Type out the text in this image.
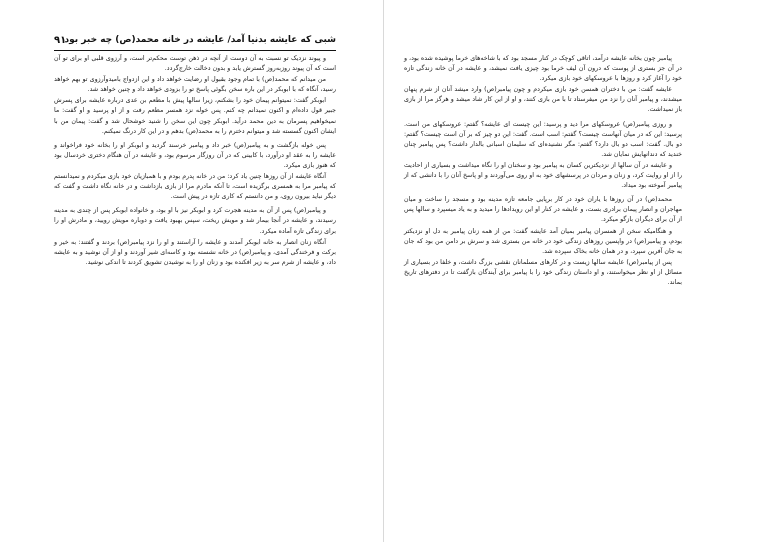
٩١
شبی که عایشه بدنیا آمد/ عایشه در خانه محمد(ص) چه خبر بود

و پیوند نزدیک تو نسبت به آن دوست از آنچه در ذهن توست محکم‌تر است، و آرزوی قلبی او برای تو آن است که آن پیوند روزبه‌روز گسترش یابد و بدون دخالت خارج‌گردد.

من میدانم که محمد(ص) با تمام وجود بقبول او رضایت خواهد داد و این ازدواج بامیدوآرزوی تو بهم خواهد رسید، آنگاه که با ابوبکر در این باره سخن بگوئی پاسخ تو را بزودی خواهد داد و چنین خواهد شد.

ابوبکر گفت: نمیتوانم پیمان خود را بشکنم، زیرا سالها پیش با مطعم بن عدی درباره عایشه برای پسرش جبیر قول داده‌ام و اکنون نمیدانم چه کنم. پس خوله نزد همسر مطعم رفت و از او پرسید و او گفت: ما نمیخواهیم پسرمان به دین محمد درآید. ابوبکر چون این سخن را شنید خوشحال شد و گفت: پیمان من با ایشان اکنون گسسته شد و میتوانم دخترم را به محمد(ص) بدهم و در این کار درنگ نمیکنم.

پس خوله بازگشت و به پیامبر(ص) خبر داد و پیامبر خرسند گردید و ابوبکر او را بخانه خود فراخواند و عایشه را به عقد او درآورد، با کابینی که در آن روزگار مرسوم بود، و عایشه در آن هنگام دختری خردسال بود که هنوز بازی میکرد.

آنگاه عایشه از آن روزها چنین یاد کرد: من در خانه پدرم بودم و با همبازیان خود بازی میکردم و نمیدانستم که پیامبر مرا به همسری برگزیده است، تا آنکه مادرم مرا از بازی بازداشت و در خانه نگاه داشت و گفت که دیگر نباید بیرون روی، و من دانستم که کاری تازه در پیش است.

و پیامبر(ص) پس از آن به مدینه هجرت کرد و ابوبکر نیز با او بود، و خانواده ابوبکر پس از چندی به مدینه رسیدند، و عایشه در آنجا بیمار شد و مویش ریخت، سپس بهبود یافت و دوباره مویش رویید، و مادرش او را برای زندگی تازه آماده میکرد.

آنگاه زنان انصار به خانه ابوبکر آمدند و عایشه را آراستند و او را نزد پیامبر(ص) بردند و گفتند: به خیر و برکت و فرخندگی آمدی، و پیامبر(ص) در خانه نشسته بود و کاسه‌ای شیر آوردند و او از آن نوشید و به عایشه داد، و عایشه از شرم سر به زیر افکنده بود و زنان او را به نوشیدن تشویق کردند تا اندکی نوشید.

پیامبر چون بخانه عایشه درآمد، اتاقی کوچک در کنار مسجد بود که با شاخه‌های خرما پوشیده شده بود، و در آن جز بستری از پوست که درون آن لیف خرما بود چیزی یافت نمیشد، و عایشه در آن خانه زندگی تازه خود را آغاز کرد و روزها با عروسکهای خود بازی میکرد.

عایشه گفت: من با دختران همسن خود بازی میکردم و چون پیامبر(ص) وارد میشد آنان از شرم پنهان میشدند، و پیامبر آنان را نزد من میفرستاد تا با من بازی کنند، و او از این کار شاد میشد و هرگز مرا از بازی باز نمیداشت.

و روزی پیامبر(ص) عروسکهای مرا دید و پرسید: این چیست ای عایشه؟ گفتم: عروسکهای من است. پرسید: این که در میان آنهاست چیست؟ گفتم: اسب است. گفت: این دو چیز که بر آن است چیست؟ گفتم: دو بال. گفت: اسب دو بال دارد؟ گفتم: مگر نشنیده‌ای که سلیمان اسبانی بالدار داشت؟ پس پیامبر چنان خندید که دندانهایش نمایان شد.

و عایشه در آن سالها از نزدیکترین کسان به پیامبر بود و سخنان او را نگاه میداشت و بسیاری از احادیث را از او روایت کرد، و زنان و مردان در پرسشهای خود به او روی می‌آوردند و او پاسخ آنان را با دانشی که از پیامبر آموخته بود میداد.

محمد(ص) در آن روزها با یاران خود در کار برپایی جامعه تازه مدینه بود و مسجد را ساخت و میان مهاجران و انصار پیمان برادری بست، و عایشه در کنار او این رویدادها را میدید و به یاد میسپرد و سالها پس از آن برای دیگران بازگو میکرد.

و هنگامیکه سخن از همسران پیامبر بمیان آمد عایشه گفت: من از همه زنان پیامبر به دل او نزدیکتر بودم، و پیامبر(ص) در واپسین روزهای زندگی خود در خانه من بستری شد و سرش بر دامن من بود که جان به جان آفرین سپرد، و در همان خانه بخاک سپرده شد.

پس از پیامبر(ص) عایشه سالها زیست و در کارهای مسلمانان نقشی بزرگ داشت، و خلفا در بسیاری از مسائل از او نظر میخواستند، و او داستان زندگی خود را با پیامبر برای آیندگان بازگفت تا در دفترهای تاریخ بماند.
